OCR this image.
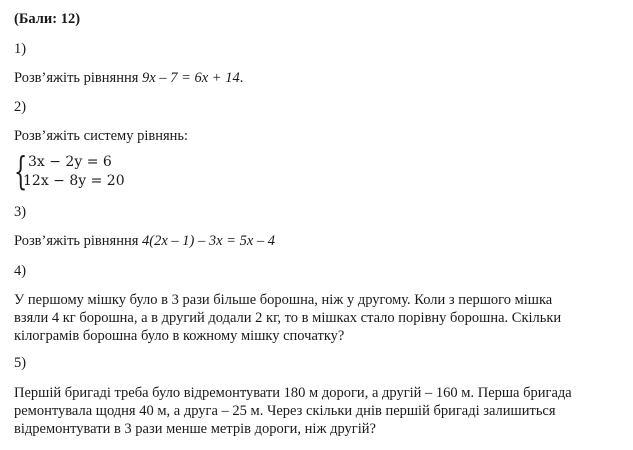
(Бали: 12)
1)
Розв’яжіть рівняння 9x – 7 = 6x + 14.
2)
Розв’яжіть систему рівнянь:
{ 3x − 2y = 6
12x − 8y = 20
3)
Розв’яжіть рівняння 4(2x – 1) – 3x = 5x – 4
4)
У першому мішку було в 3 рази більше борошна, ніж у другому. Коли з першого мішка
взяли 4 кг борошна, а в другий додали 2 кг, то в мішках стало порівну борошна. Скільки
кілограмів борошна було в кожному мішку спочатку?
5)
Першій бригаді треба було відремонтувати 180 м дороги, а другій – 160 м. Перша бригада
ремонтувала щодня 40 м, а друга – 25 м. Через скільки днів першій бригаді залишиться
відремонтувати в 3 рази менше метрів дороги, ніж другій?
